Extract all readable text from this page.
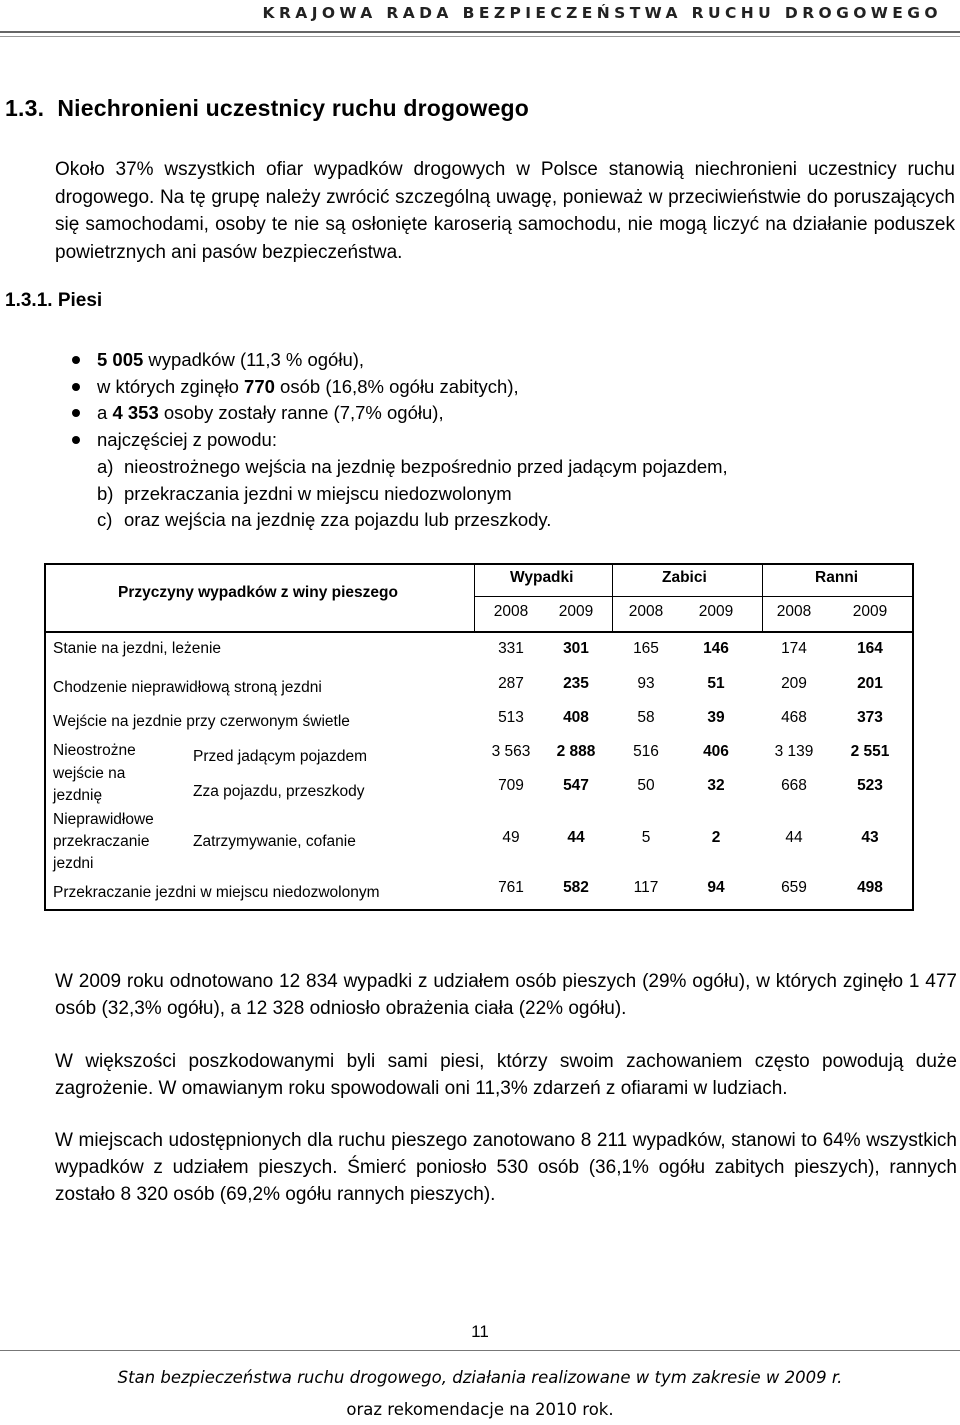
KRAJOWA RADA BEZPIECZEŃSTWA RUCHU DROGOWEGO
1.3. Niechronieni uczestnicy ruchu drogowego

Około 37% wszystkich ofiar wypadków drogowych w Polsce stanowią niechronieni uczestnicy ruchu drogowego. Na tę grupę należy zwrócić szczególną uwagę, ponieważ w przeciwieństwie do poruszających się samochodami, osoby te nie są osłonięte karoserią samochodu, nie mogą liczyć na działanie poduszek powietrznych ani pasów bezpieczeństwa.

1.3.1. Piesi
5 005 wypadków (11,3 % ogółu),
w których zginęło 770 osób (16,8% ogółu zabitych),
a 4 353 osoby zostały ranne (7,7% ogółu),
najczęściej z powodu:
a) nieostrożnego wejścia na jezdnię bezpośrednio przed jadącym pojazdem,
b) przekraczania jezdni w miejscu niedozwolonym
c) oraz wejścia na jezdnię zza pojazdu lub przeszkody.
Przyczyny wypadków z winy pieszego
Wypadki	Zabici	Ranni
2008	2009	2008	2009	2008	2009
Stanie na jezdni, leżenie	331	301	165	146	174	164
Chodzenie nieprawidłową stroną jezdni	287	235	93	51	209	201
Wejście na jezdnie przy czerwonym świetle	513	408	58	39	468	373
Nieostrożne
wejście na
jezdnię
Przed jadącym pojazdem	3 563	2 888	516	406	3 139	2 551
Zza pojazdu, przeszkody	709	547	50	32	668	523
Nieprawidłowe
przekraczanie
jezdni
Zatrzymywanie, cofanie	49	44	5	2	44	43
Przekraczanie jezdni w miejscu niedozwolonym	761	582	117	94	659	498

W 2009 roku odnotowano 12 834 wypadki z udziałem osób pieszych (29% ogółu), w których zginęło 1 477 osób (32,3% ogółu), a 12 328 odniosło obrażenia ciała (22% ogółu).

W większości poszkodowanymi byli sami piesi, którzy swoim zachowaniem często powodują duże zagrożenie. W omawianym roku spowodowali oni 11,3% zdarzeń z ofiarami w ludziach.

W miejscach udostępnionych dla ruchu pieszego zanotowano 8 211 wypadków, stanowi to 64% wszystkich wypadków z udziałem pieszych. Śmierć poniosło 530 osób (36,1% ogółu zabitych pieszych), rannych zostało 8 320 osób (69,2% ogółu rannych pieszych).

11
Stan bezpieczeństwa ruchu drogowego, działania realizowane w tym zakresie w 2009 r.
oraz rekomendacje na 2010 rok.
